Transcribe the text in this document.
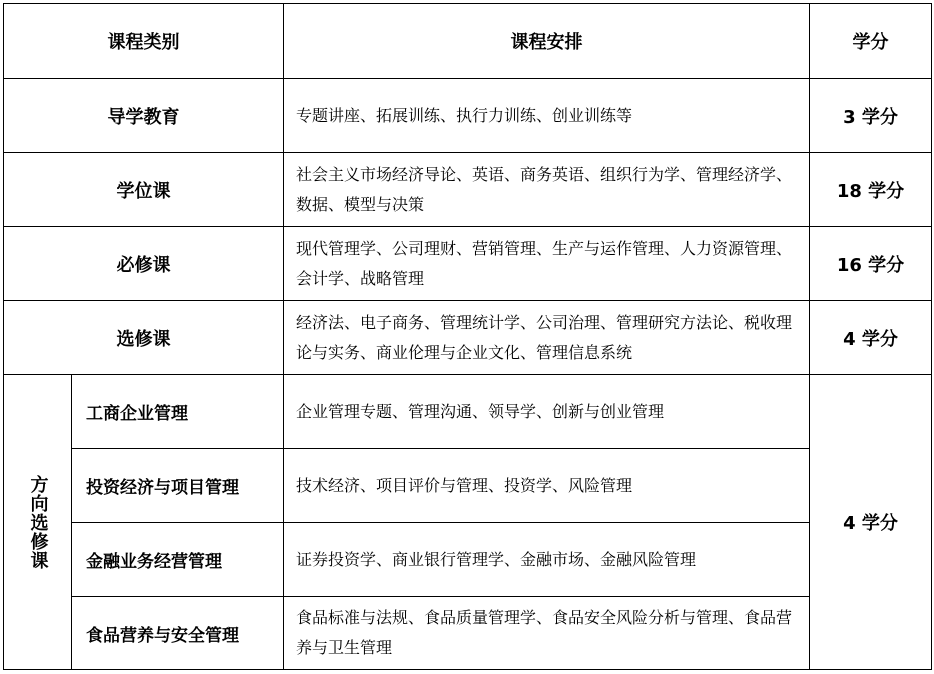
课程类别		课程安排	学分
导学教育		专题讲座、拓展训练、执行力训练、创业训练等	3 学分
学位课		社会主义市场经济导论、英语、商务英语、组织行为学、管理经济学、数据、模型与决策	18 学分
必修课		现代管理学、公司理财、营销管理、生产与运作管理、人力资源管理、会计学、战略管理	16 学分
选修课		经济法、电子商务、管理统计学、公司治理、管理研究方法论、税收理论与实务、商业伦理与企业文化、管理信息系统	4 学分

方向选修课	工商企业管理	企业管理专题、管理沟通、领导学、创新与创业管理	4 学分
	投资经济与项目管理	技术经济、项目评价与管理、投资学、风险管理	
	金融业务经营管理	证券投资学、商业银行管理学、金融市场、金融风险管理	
	食品营养与安全管理	食品标准与法规、食品质量管理学、食品安全风险分析与管理、食品营养与卫生管理	
